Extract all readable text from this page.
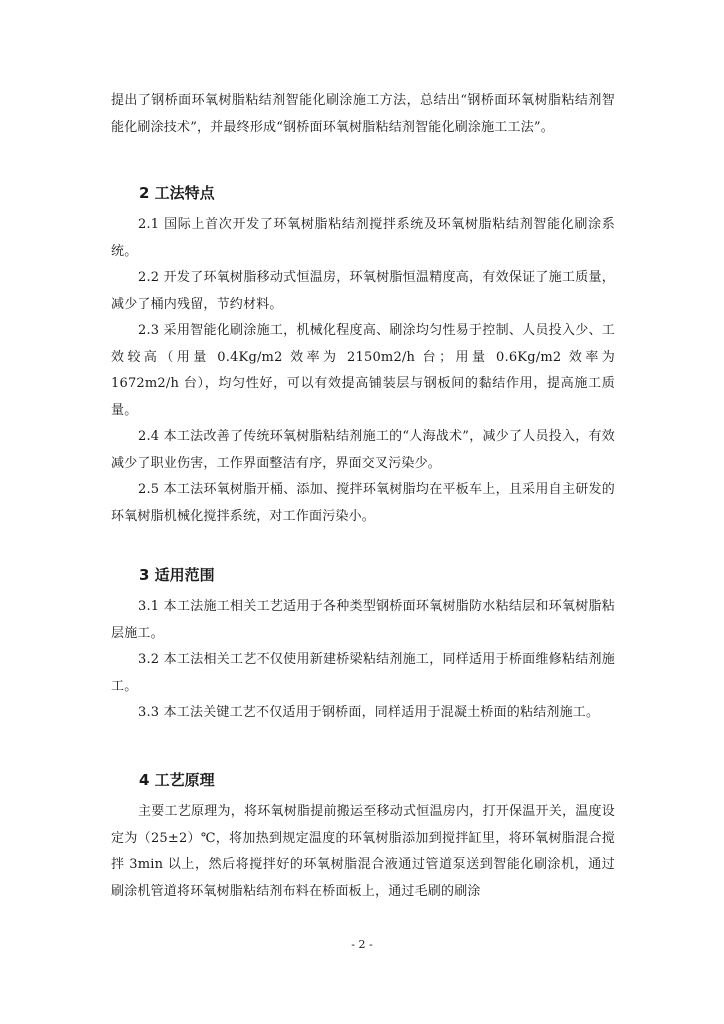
提出了钢桥面环氧树脂粘结剂智能化刷涂施工方法，总结出“钢桥面环氧树脂粘结剂智能化刷涂技术”，并最终形成“钢桥面环氧树脂粘结剂智能化刷涂施工工法”。

2 工法特点

2.1 国际上首次开发了环氧树脂粘结剂搅拌系统及环氧树脂粘结剂智能化刷涂系统。

2.2 开发了环氧树脂移动式恒温房，环氧树脂恒温精度高，有效保证了施工质量，减少了桶内残留，节约材料。

2.3 采用智能化刷涂施工，机械化程度高、刷涂均匀性易于控制、人员投入少、工效较高（用量 0.4Kg/m2 效率为 2150m2/h 台；用量 0.6Kg/m2 效率为 1672m2/h 台），均匀性好，可以有效提高铺装层与钢板间的黏结作用，提高施工质量。

2.4 本工法改善了传统环氧树脂粘结剂施工的“人海战术”，减少了人员投入，有效减少了职业伤害，工作界面整洁有序，界面交叉污染少。

2.5 本工法环氧树脂开桶、添加、搅拌环氧树脂均在平板车上，且采用自主研发的环氧树脂机械化搅拌系统，对工作面污染小。

3 适用范围

3.1 本工法施工相关工艺适用于各种类型钢桥面环氧树脂防水粘结层和环氧树脂粘层施工。

3.2 本工法相关工艺不仅使用新建桥梁粘结剂施工，同样适用于桥面维修粘结剂施工。

3.3 本工法关键工艺不仅适用于钢桥面，同样适用于混凝土桥面的粘结剂施工。

4 工艺原理

主要工艺原理为，将环氧树脂提前搬运至移动式恒温房内，打开保温开关，温度设定为（25±2）℃，将加热到规定温度的环氧树脂添加到搅拌缸里，将环氧树脂混合搅拌 3min 以上，然后将搅拌好的环氧树脂混合液通过管道泵送到智能化刷涂机，通过刷涂机管道将环氧树脂粘结剂布料在桥面板上，通过毛刷的刷涂

- 2 -
